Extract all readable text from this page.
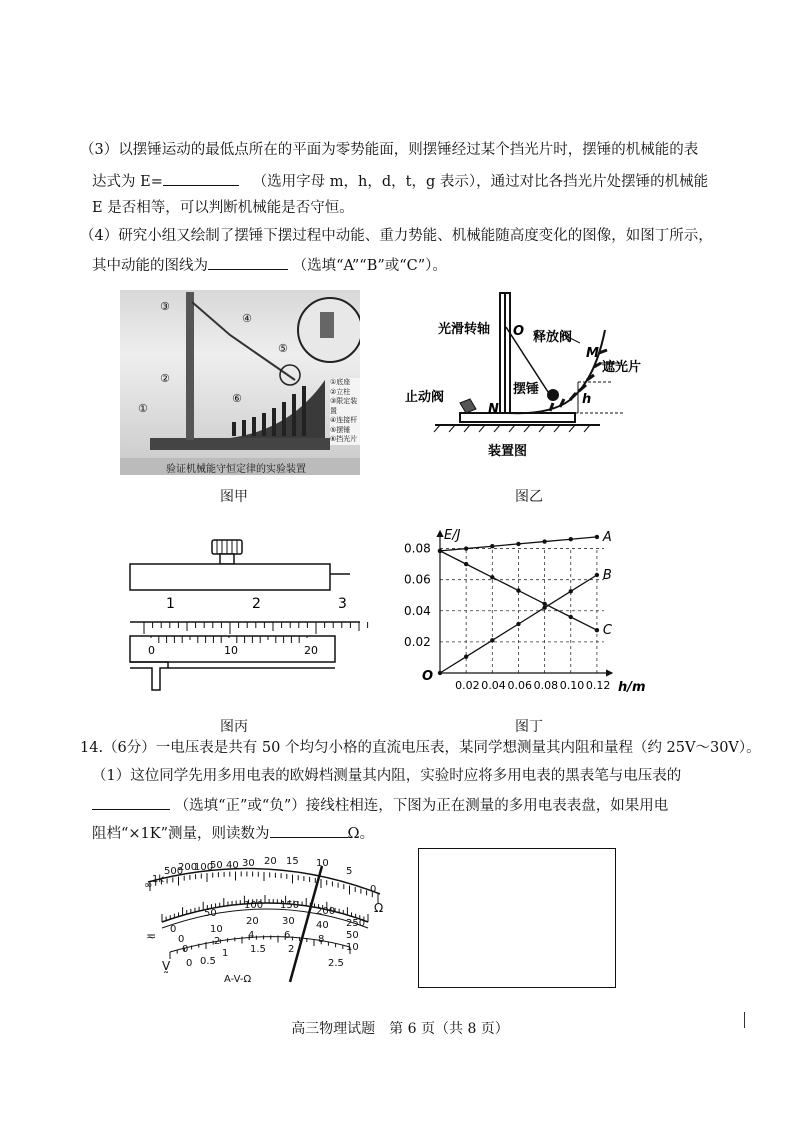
（3）以摆锤运动的最低点所在的平面为零势能面，则摆锤经过某个挡光片时，摆锤的机械能的表
达式为 E=	（选用字母 m，h，d，t，g 表示），通过对比各挡光片处摆锤的机械能
E 是否相等，可以判断机械能是否守恒。
（4）研究小组又绘制了摆锤下摆过程中动能、重力势能、机械能随高度变化的图像，如图丁所示，
其中动能的图线为	（选填“A”“B”或“C”）。
③
④
⑤
②
⑥
①
①底座
②立柱
③限定装置
④连接杆
⑤摆锤
⑥挡光片
验证机械能守恒定律的实验装置
图甲
光滑转轴 O 释放阀
M
遮光片
止动阀
摆锤
N
h
装置图
图乙
1	2	3
0	10	20
图丙
A
B
C
0.02 0.04 0.06 0.08 0.10 0.12
0.02
0.04
0.06
0.08
E/J
h/m
O
图丁
14.（6分）一电压表是共有 50 个均匀小格的直流电压表，某同学想测量其内阻和量程（约 25V～30V）。
（1）这位同学先用多用电表的欧姆档测量其内阻，实验时应将多用电表的黑表笔与电压表的
（选填“正”或“负”）接线柱相连，下图为正在测量的多用电表表盘，如果用电
阻档“×1K”测量，则读数为	Ω。
∞
1k
500
200
100
50 40 30 20 15 10
5
0
Ω
0
50
100 150
200
250
0
10
20 30 40
50
0
2
4	6	8
10
0 0.5
1 1.5 2
2.5
≂
V̰
A-V-Ω
高三物理试题　第 6 页（共 8 页）
